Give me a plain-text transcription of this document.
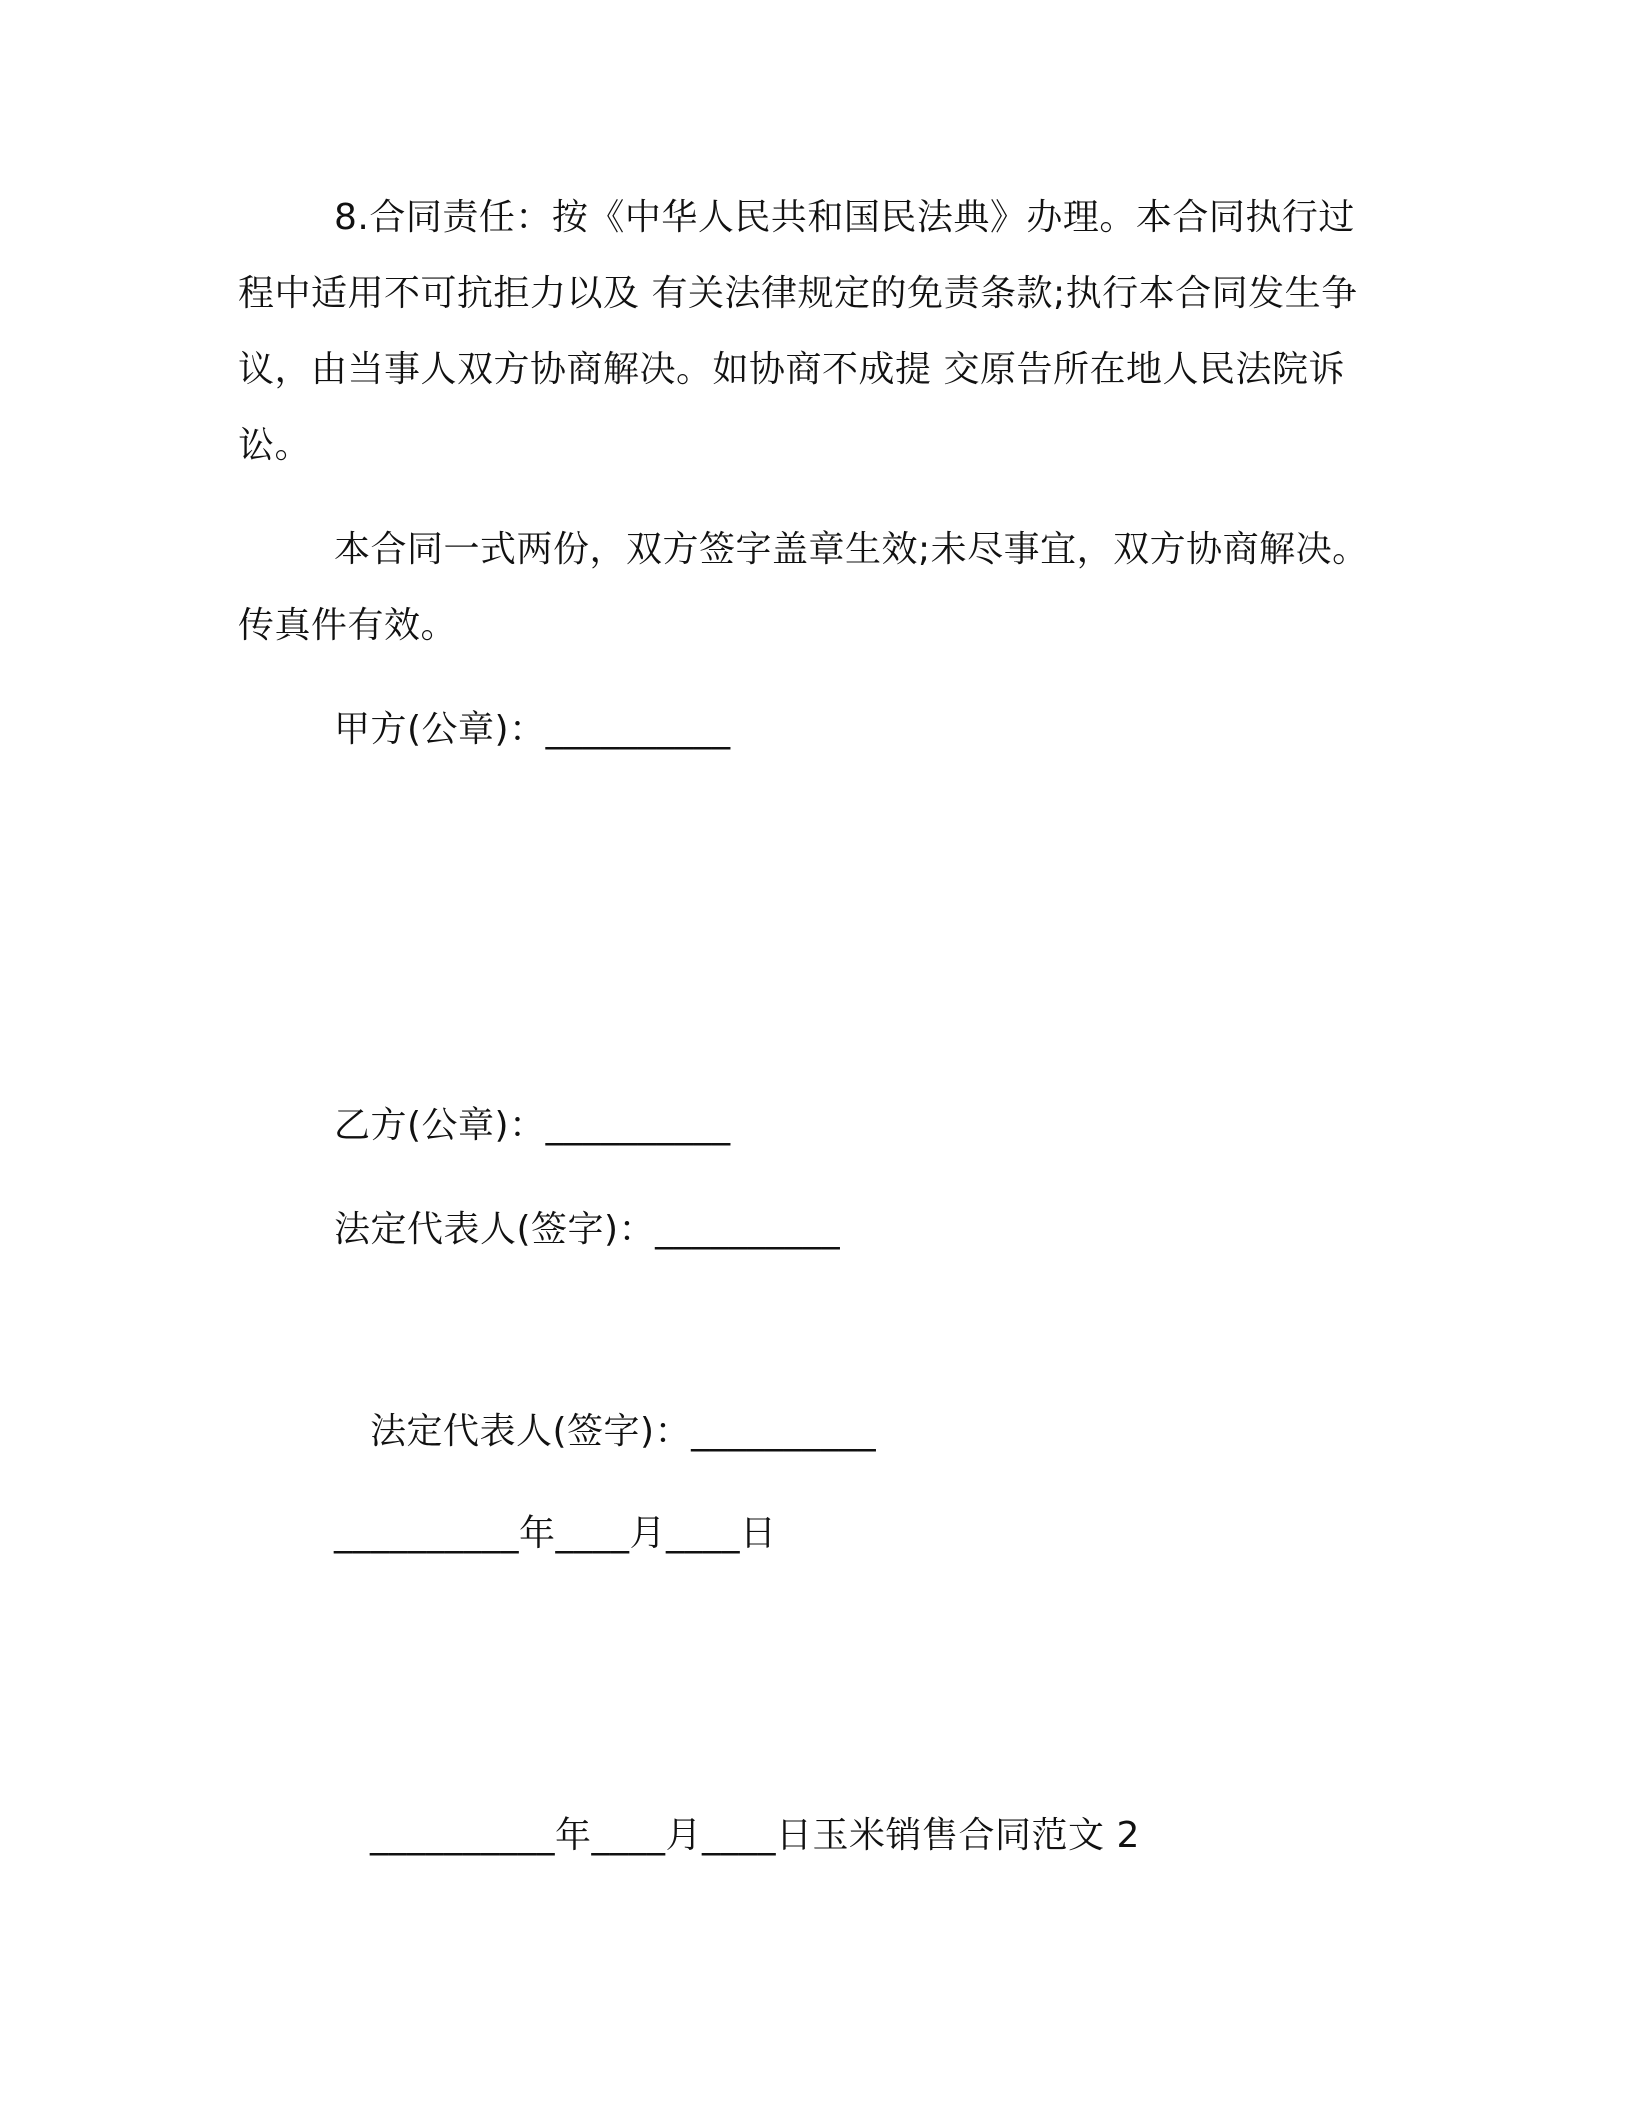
8.合同责任：按《中华人民共和国民法典》办理。本合同执行过程中适用不可抗拒力以及 有关法律规定的免责条款;执行本合同发生争议，由当事人双方协商解决。如协商不成提 交原告所在地人民法院诉讼。

本合同一式两份，双方签字盖章生效;未尽事宜，双方协商解决。传真件有效。

甲方(公章)：__________

乙方(公章)：__________

法定代表人(签字)：__________

法定代表人(签字)：__________

__________年____月____日

__________年____月____日玉米销售合同范文 2
